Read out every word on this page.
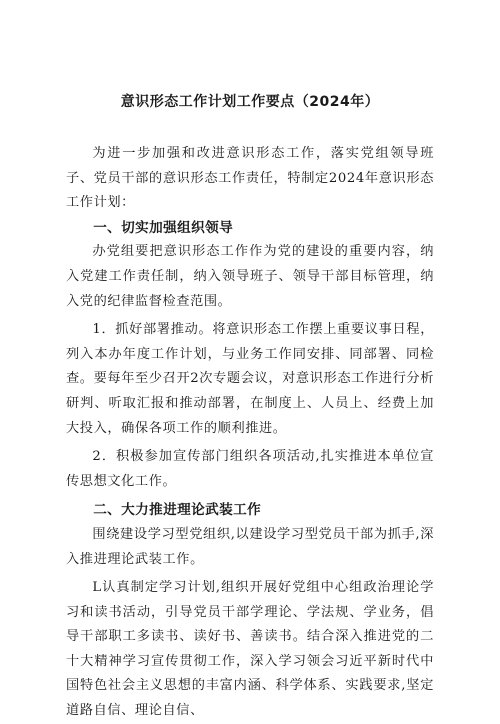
意识形态工作计划工作要点（2024年）

为进一步加强和改进意识形态工作，落实党组领导班子、党员干部的意识形态工作责任，特制定2024年意识形态工作计划：

一、切实加强组织领导

办党组要把意识形态工作作为党的建设的重要内容，纳入党建工作责任制，纳入领导班子、领导干部目标管理，纳入党的纪律监督检查范围。

1．抓好部署推动。将意识形态工作摆上重要议事日程，列入本办年度工作计划，与业务工作同安排、同部署、同检查。要每年至少召开2次专题会议，对意识形态工作进行分析研判、听取汇报和推动部署，在制度上、人员上、经费上加大投入，确保各项工作的顺利推进。

2．积极参加宣传部门组织各项活动,扎实推进本单位宣传思想文化工作。

二、大力推进理论武装工作

围绕建设学习型党组织,以建设学习型党员干部为抓手,深入推进理论武装工作。

L认真制定学习计划,组织开展好党组中心组政治理论学习和读书活动，引导党员干部学理论、学法规、学业务，倡导干部职工多读书、读好书、善读书。结合深入推进党的二十大精神学习宣传贯彻工作，深入学习领会习近平新时代中国特色社会主义思想的丰富内涵、科学体系、实践要求,坚定道路自信、理论自信、
